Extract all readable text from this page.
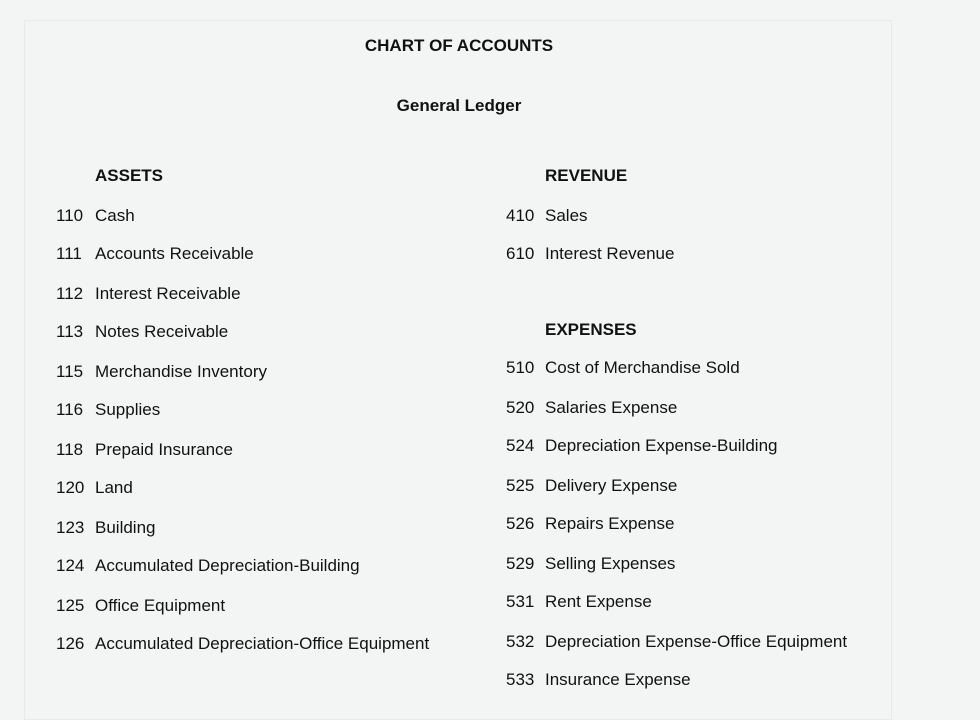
CHART OF ACCOUNTS
General Ledger
ASSETS
110 Cash
111 Accounts Receivable
112 Interest Receivable
113 Notes Receivable
115 Merchandise Inventory
116 Supplies
118 Prepaid Insurance
120 Land
123 Building
124 Accumulated Depreciation-Building
125 Office Equipment
126 Accumulated Depreciation-Office Equipment
REVENUE
410 Sales
610 Interest Revenue
EXPENSES
510 Cost of Merchandise Sold
520 Salaries Expense
524 Depreciation Expense-Building
525 Delivery Expense
526 Repairs Expense
529 Selling Expenses
531 Rent Expense
532 Depreciation Expense-Office Equipment
533 Insurance Expense
